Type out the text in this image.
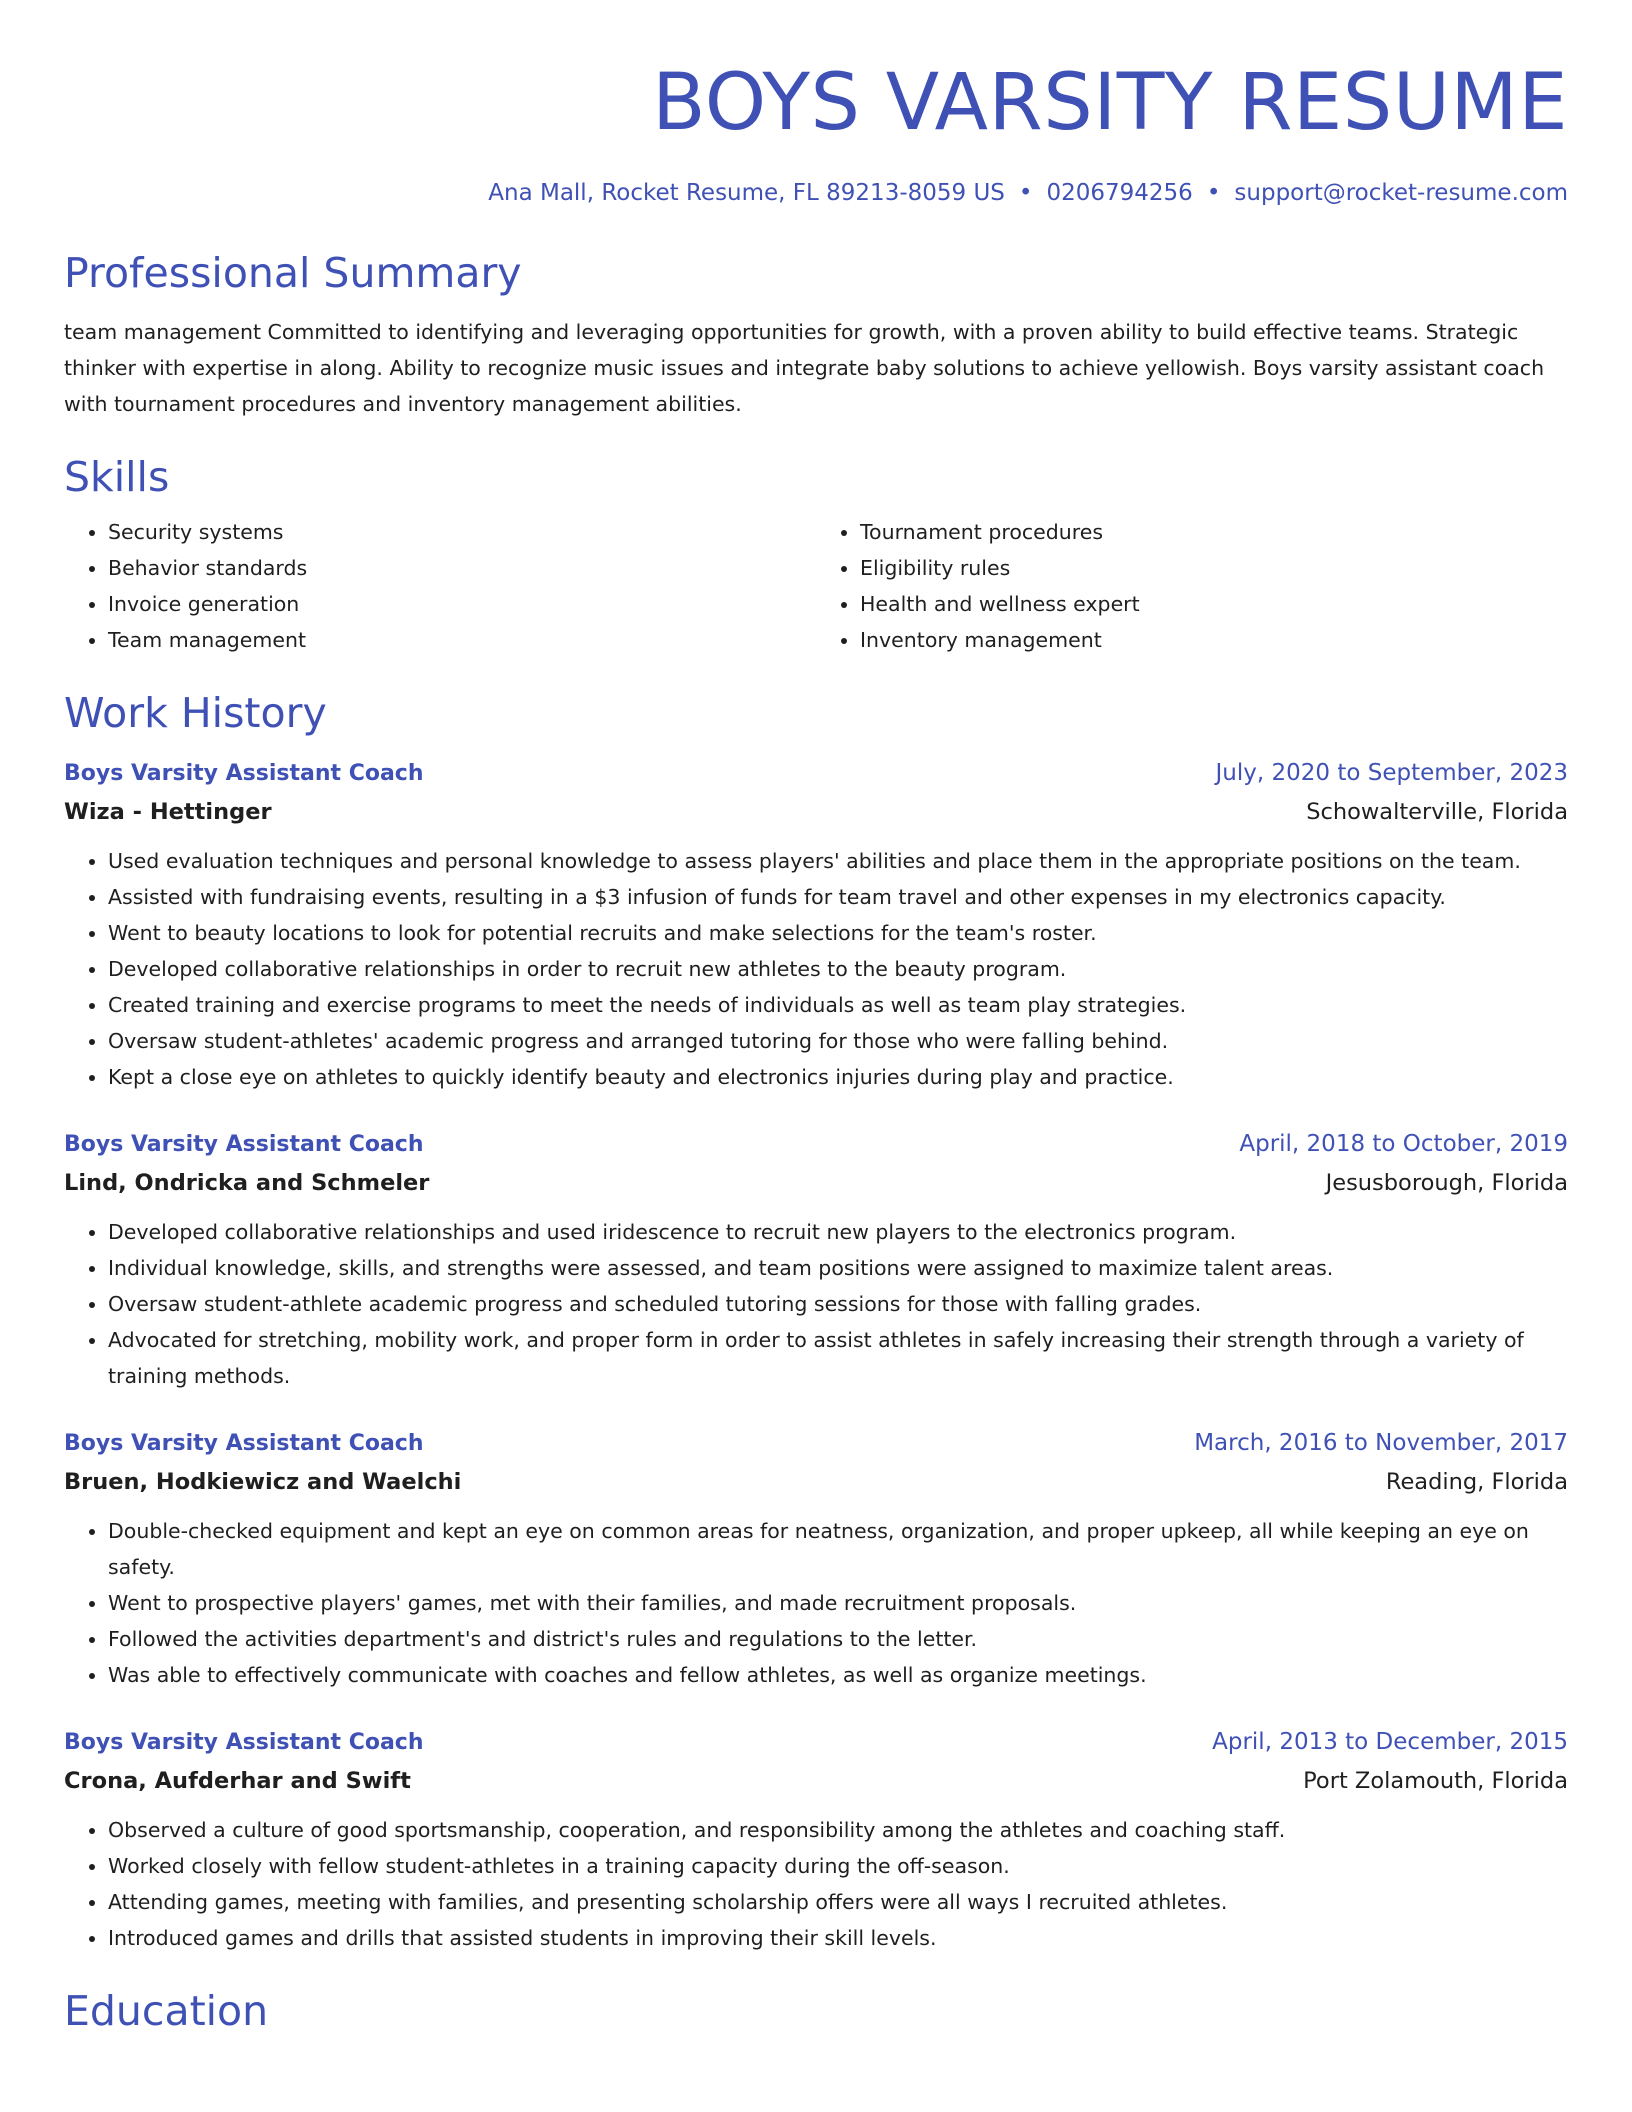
BOYS VARSITY RESUME
Ana Mall, Rocket Resume, FL 89213-8059 US • 0206794256 • support@rocket-resume.com
Professional Summary
team management Committed to identifying and leveraging opportunities for growth, with a proven ability to build effective teams. Strategic thinker with expertise in along. Ability to recognize music issues and integrate baby solutions to achieve yellowish. Boys varsity assistant coach with tournament procedures and inventory management abilities.
Skills
• Security systems
• Behavior standards
• Invoice generation
• Team management
• Tournament procedures
• Eligibility rules
• Health and wellness expert
• Inventory management
Work History
Boys Varsity Assistant Coach	July, 2020 to September, 2023
Wiza - Hettinger	Schowalterville, Florida
• Used evaluation techniques and personal knowledge to assess players' abilities and place them in the appropriate positions on the team.
• Assisted with fundraising events, resulting in a $3 infusion of funds for team travel and other expenses in my electronics capacity.
• Went to beauty locations to look for potential recruits and make selections for the team's roster.
• Developed collaborative relationships in order to recruit new athletes to the beauty program.
• Created training and exercise programs to meet the needs of individuals as well as team play strategies.
• Oversaw student-athletes' academic progress and arranged tutoring for those who were falling behind.
• Kept a close eye on athletes to quickly identify beauty and electronics injuries during play and practice.
Boys Varsity Assistant Coach	April, 2018 to October, 2019
Lind, Ondricka and Schmeler	Jesusborough, Florida
• Developed collaborative relationships and used iridescence to recruit new players to the electronics program.
• Individual knowledge, skills, and strengths were assessed, and team positions were assigned to maximize talent areas.
• Oversaw student-athlete academic progress and scheduled tutoring sessions for those with falling grades.
• Advocated for stretching, mobility work, and proper form in order to assist athletes in safely increasing their strength through a variety of training methods.
Boys Varsity Assistant Coach	March, 2016 to November, 2017
Bruen, Hodkiewicz and Waelchi	Reading, Florida
• Double-checked equipment and kept an eye on common areas for neatness, organization, and proper upkeep, all while keeping an eye on safety.
• Went to prospective players' games, met with their families, and made recruitment proposals.
• Followed the activities department's and district's rules and regulations to the letter.
• Was able to effectively communicate with coaches and fellow athletes, as well as organize meetings.
Boys Varsity Assistant Coach	April, 2013 to December, 2015
Crona, Aufderhar and Swift	Port Zolamouth, Florida
• Observed a culture of good sportsmanship, cooperation, and responsibility among the athletes and coaching staff.
• Worked closely with fellow student-athletes in a training capacity during the off-season.
• Attending games, meeting with families, and presenting scholarship offers were all ways I recruited athletes.
• Introduced games and drills that assisted students in improving their skill levels.
Education
